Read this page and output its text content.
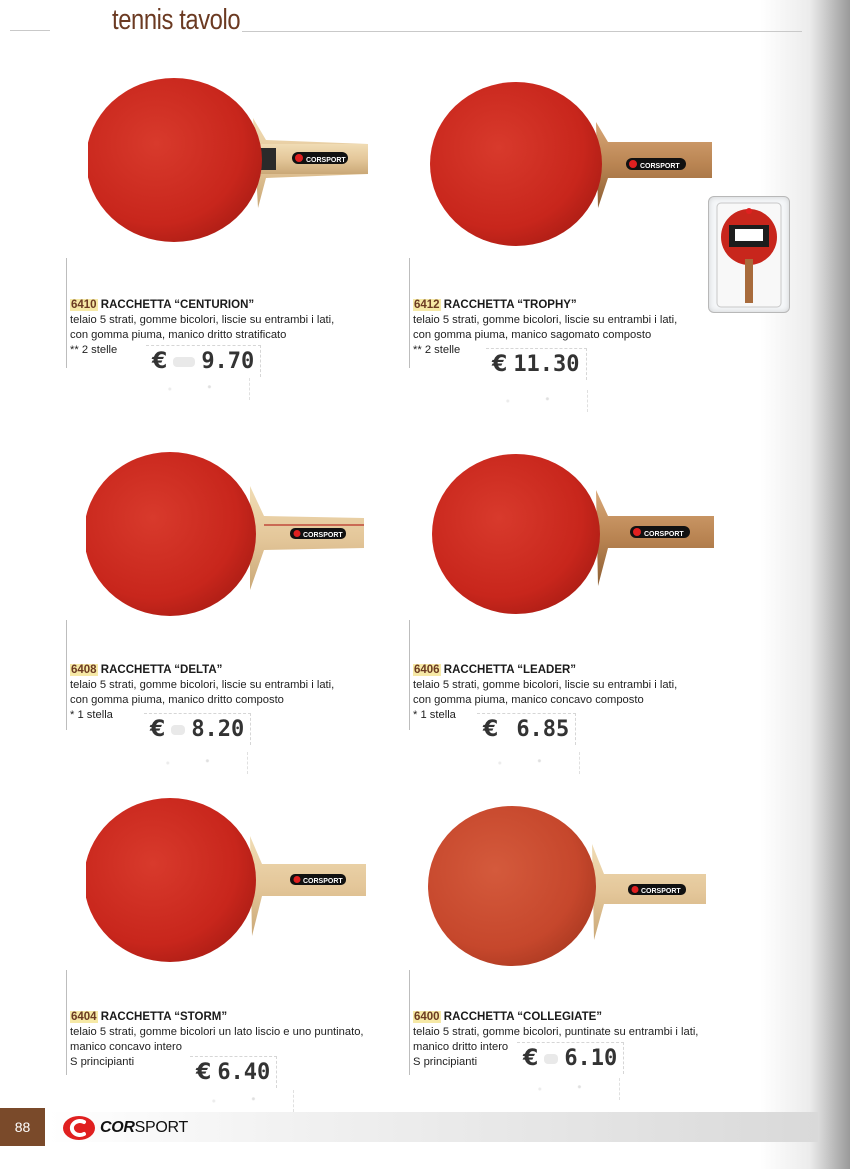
tennis tavolo
CORSPORT
6410 RACCHETTA “CENTURION”
telaio 5 strati, gomme bicolori, liscie su entrambi i lati,
con gomma piuma, manico dritto stratificato
** 2 stelle	€ 9.70
CORSPORT
6412 RACCHETTA “TROPHY”
telaio 5 strati, gomme bicolori, liscie su entrambi i lati,
con gomma piuma, manico sagomato composto
** 2 stelle
€ 11.30
CORSPORT
6408 RACCHETTA “DELTA”
telaio 5 strati, gomme bicolori, liscie su entrambi i lati,
con gomma piuma, manico dritto composto
* 1 stella
€ 8.20
CORSPORT
6406 RACCHETTA “LEADER”
telaio 5 strati, gomme bicolori, liscie su entrambi i lati,
con gomma piuma, manico concavo composto
* 1 stella
€ 6.85
CORSPORT
6404 RACCHETTA “STORM”
telaio 5 strati, gomme bicolori un lato liscio e uno puntinato,
manico concavo intero
S principianti	€ 6.40
CORSPORT
6400 RACCHETTA “COLLEGIATE”
telaio 5 strati, gomme bicolori, puntinate su entrambi i lati,
manico dritto intero
S principianti	€ 6.10
88	CORSPORT
